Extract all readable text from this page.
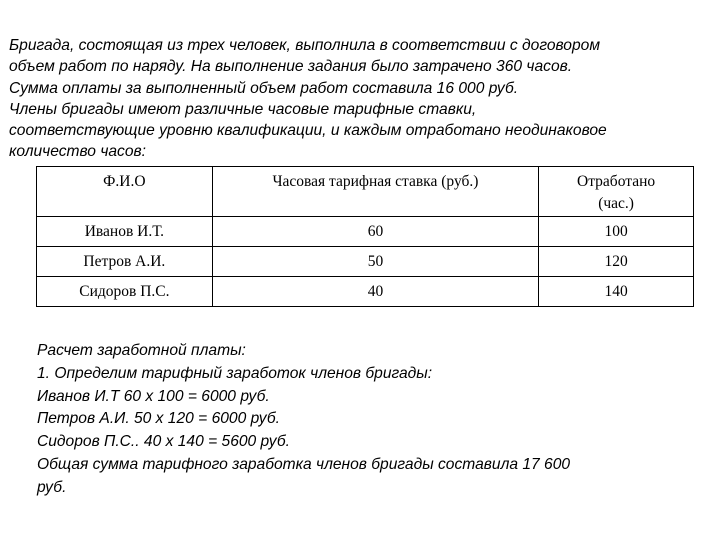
Бригада, состоящая из трех человек, выполнила в соответствии с договором

объем работ по наряду. На выполнение задания было затрачено 360 часов.

Сумма оплаты за выполненный объем работ составила 16 000 руб.

Члены бригады имеют различные часовые тарифные ставки,

соответствующие уровню квалификации, и каждым отработано неодинаковое

количество часов:

Ф.И.О	Часовая тарифная ставка (руб.)	Отработано
(час.)
Иванов И.Т.	60	100
Петров А.И.	50	120
Сидоров П.С.	40	140

Расчет заработной платы:

1. Определим тарифный заработок членов бригады:

Иванов И.Т 60 х 100 = 6000 руб.

Петров А.И. 50 х 120 = 6000 руб.

Сидоров П.С.. 40 х 140 = 5600 руб.

Общая сумма тарифного заработка членов бригады составила 17 600

руб.
